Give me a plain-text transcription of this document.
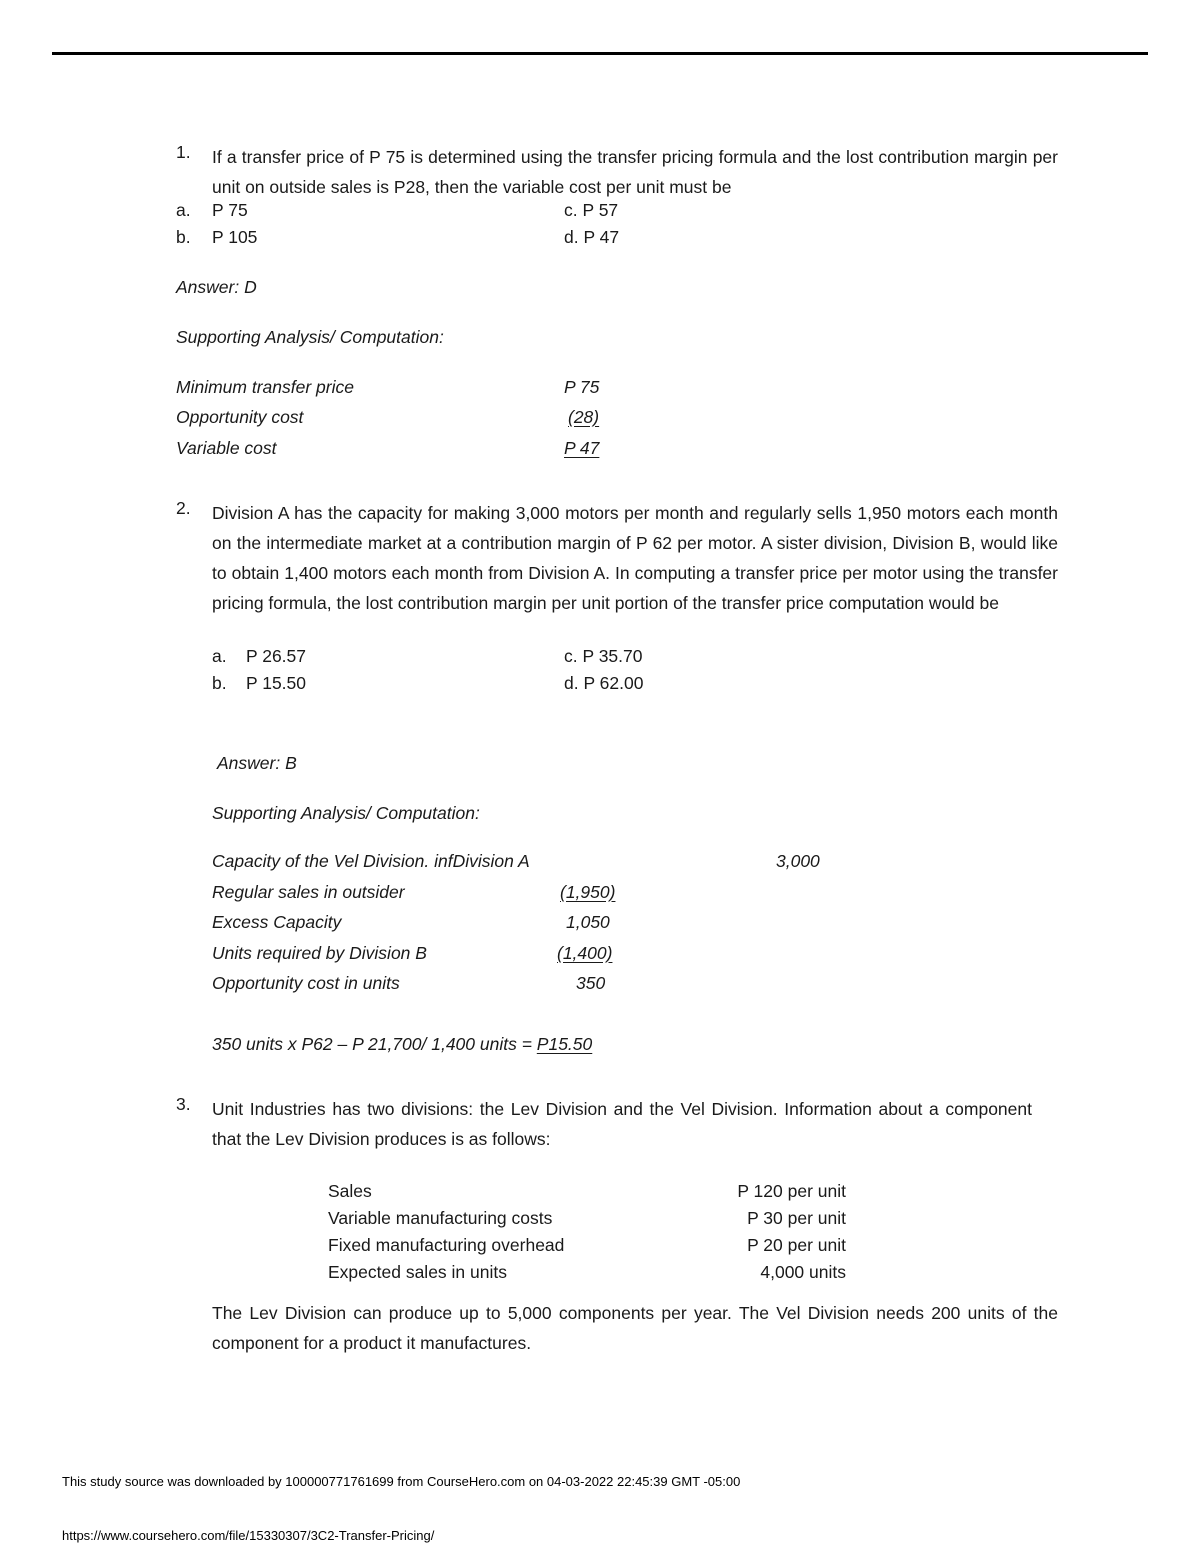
1. If a transfer price of P 75 is determined using the transfer pricing formula and the lost contribution margin per unit on outside sales is P28, then the variable cost per unit must be
a. P 75
b. P 105
c. P 57
d. P 47
Answer: D
Supporting Analysis/ Computation:
Minimum transfer price	P 75
Opportunity cost	(28)
Variable cost	P 47
2. Division A has the capacity for making 3,000 motors per month and regularly sells 1,950 motors each month on the intermediate market at a contribution margin of P 62 per motor. A sister division, Division B, would like to obtain 1,400 motors each month from Division A. In computing a transfer price per motor using the transfer pricing formula, the lost contribution margin per unit portion of the transfer price computation would be
a. P 26.57
b. P 15.50
c. P 35.70
d. P 62.00
Answer: B
Supporting Analysis/ Computation:
Capacity of the Vel Division. infDivision A	3,000
Regular sales in outsider	(1,950)
Excess Capacity	1,050
Units required by Division B	(1,400)
Opportunity cost in units	350
350 units x P62 – P 21,700/ 1,400 units = P15.50
3. Unit Industries has two divisions: the Lev Division and the Vel Division. Information about a component that the Lev Division produces is as follows:
Sales	P 120 per unit
Variable manufacturing costs	P 30 per unit
Fixed manufacturing overhead	P 20 per unit
Expected sales in units	4,000 units
The Lev Division can produce up to 5,000 components per year. The Vel Division needs 200 units of the component for a product it manufactures.
This study source was downloaded by 100000771761699 from CourseHero.com on 04-03-2022 22:45:39 GMT -05:00
https://www.coursehero.com/file/15330307/3C2-Transfer-Pricing/
